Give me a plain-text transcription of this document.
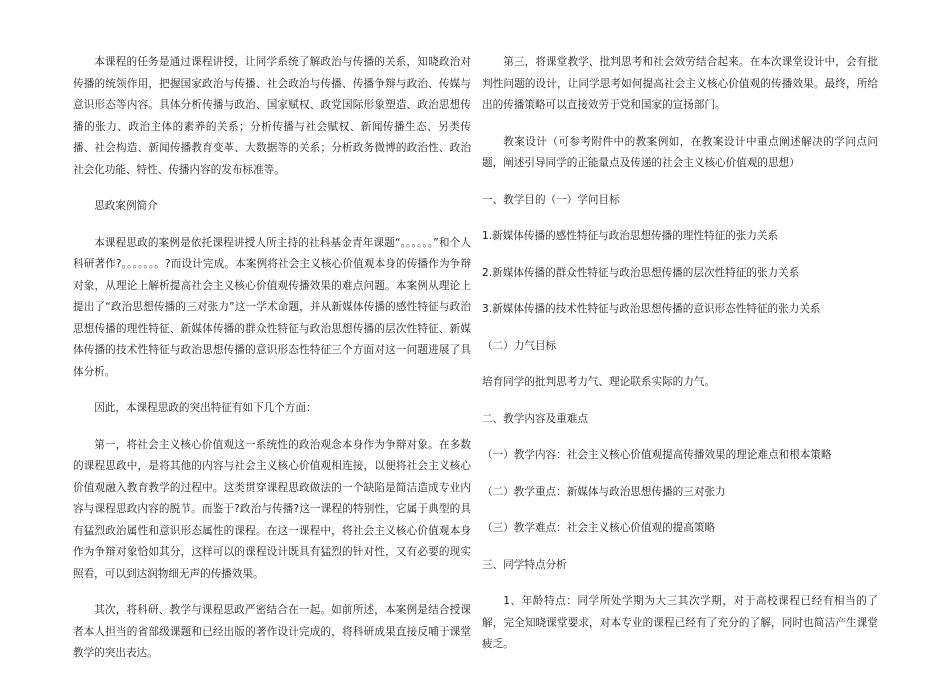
本课程的任务是通过课程讲授，让同学系统了解政治与传播的关系，知晓政治对传播的统领作用，把握国家政治与传播、社会政治与传播、传播争辩与政治、传媒与意识形态等内容。具体分析传播与政治、国家赋权、政党国际形象塑造、政治思想传播的张力、政治主体的素养的关系；分析传播与社会赋权、新闻传播生态、另类传播、社会构造、新闻传播教育变革、大数据等的关系；分析政务微博的政治性、政治社会化功能、特性、传播内容的发布标准等。

思政案例简介

本课程思政的案例是依托课程讲授人所主持的社科基金青年课题“。。。。。。”和个人科研著作?。。。。。。。?而设计完成。本案例将社会主义核心价值观本身的传播作为争辩对象，从理论上解析提高社会主义核心价值观传播效果的难点问题。本案例从理论上提出了“政治思想传播的三对张力”这一学术命题，并从新媒体传播的感性特征与政治思想传播的理性特征、新媒体传播的群众性特征与政治思想传播的层次性特征、新媒体传播的技术性特征与政治思想传播的意识形态性特征三个方面对这一问题进展了具体分析。

因此，本课程思政的突出特征有如下几个方面：

第一，将社会主义核心价值观这一系统性的政治观念本身作为争辩对象。在多数的课程思政中，是将其他的内容与社会主义核心价值观相连接，以便将社会主义核心价值观融入教育教学的过程中。这类贯穿课程思政做法的一个缺陷是简洁造成专业内容与课程思政内容的脱节。而鉴于?政治与传播?这一课程的特别性，它属于典型的具有猛烈政治属性和意识形态属性的课程。在这一课程中，将社会主义核心价值观本身作为争辩对象恰如其分，这样可以的课程设计既具有猛烈的针对性，又有必要的现实照看，可以到达润物细无声的传播效果。

其次，将科研、教学与课程思政严密结合在一起。如前所述，本案例是结合授课者本人担当的省部级课题和已经出版的著作设计完成的，将科研成果直接反哺于课堂教学的突出表达。

第三，将课堂教学、批判思考和社会效劳结合起来。在本次课堂设计中，会有批判性问题的设计，让同学思考如何提高社会主义核心价值观的传播效果。最终，所给出的传播策略可以直接效劳于党和国家的宣扬部门。

教案设计（可参考附件中的教案例如，在教案设计中重点阐述解决的学问点问题，阐述引导同学的正能量点及传递的社会主义核心价值观的思想）

一、教学目的（一）学问目标

1.新媒体传播的感性特征与政治思想传播的理性特征的张力关系

2.新媒体传播的群众性特征与政治思想传播的层次性特征的张力关系

3.新媒体传播的技术性特征与政治思想传播的意识形态性特征的张力关系

（二）力气目标

培育同学的批判思考力气、理论联系实际的力气。

二、教学内容及重难点

（一）教学内容：社会主义核心价值观提高传播效果的理论难点和根本策略

（二）教学重点：新媒体与政治思想传播的三对张力

（三）教学难点：社会主义核心价值观的提高策略

三、同学特点分析

1、年龄特点：同学所处学期为大三其次学期，对于高校课程已经有相当的了解，完全知晓课堂要求，对本专业的课程已经有了充分的了解，同时也简洁产生课堂疲乏。
